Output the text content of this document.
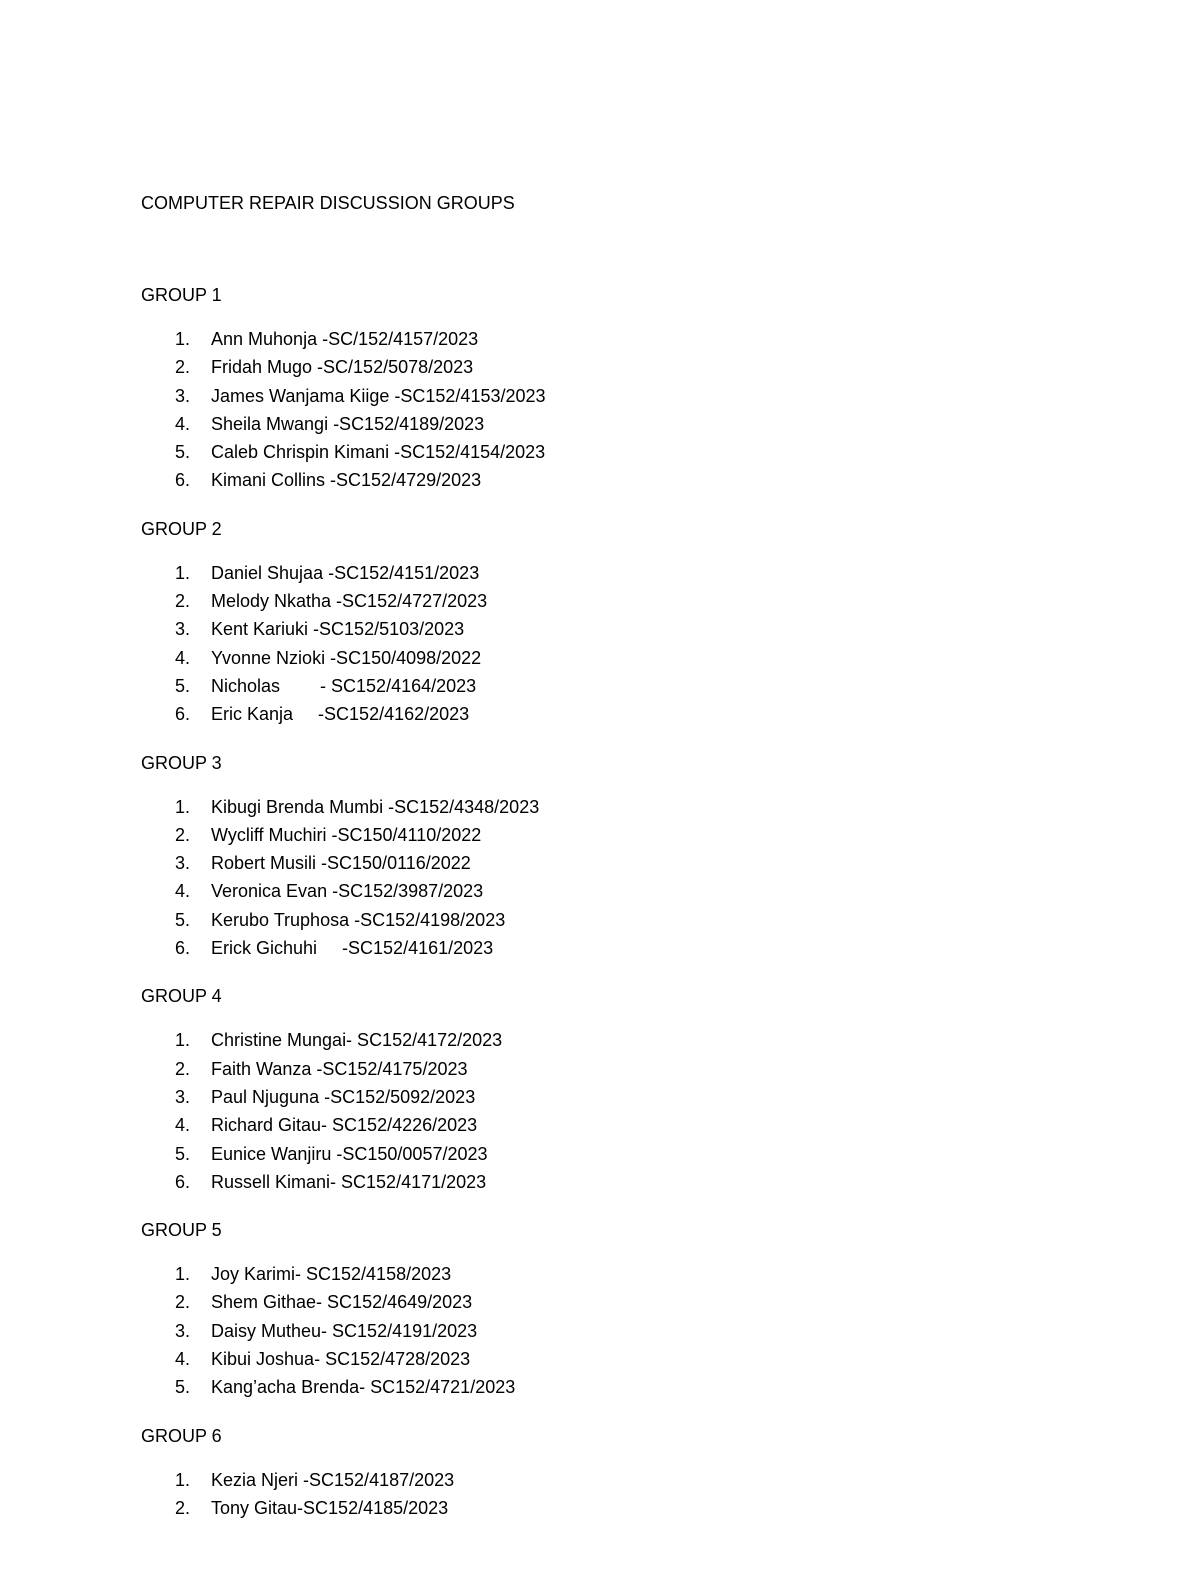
COMPUTER REPAIR DISCUSSION GROUPS

GROUP 1
1. Ann Muhonja -SC/152/4157/2023
2. Fridah Mugo -SC/152/5078/2023
3. James Wanjama Kiige -SC152/4153/2023
4. Sheila Mwangi -SC152/4189/2023
5. Caleb Chrispin Kimani -SC152/4154/2023
6. Kimani Collins -SC152/4729/2023
GROUP 2
1. Daniel Shujaa -SC152/4151/2023
2. Melody Nkatha -SC152/4727/2023
3. Kent Kariuki -SC152/5103/2023
4. Yvonne Nzioki -SC150/4098/2022
5. Nicholas        - SC152/4164/2023
6. Eric Kanja     -SC152/4162/2023
GROUP 3
1. Kibugi Brenda Mumbi -SC152/4348/2023
2. Wycliff Muchiri -SC150/4110/2022
3. Robert Musili -SC150/0116/2022
4. Veronica Evan -SC152/3987/2023
5. Kerubo Truphosa -SC152/4198/2023
6. Erick Gichuhi     -SC152/4161/2023
GROUP 4
1. Christine Mungai- SC152/4172/2023
2. Faith Wanza -SC152/4175/2023
3. Paul Njuguna -SC152/5092/2023
4. Richard Gitau- SC152/4226/2023
5. Eunice Wanjiru -SC150/0057/2023
6. Russell Kimani- SC152/4171/2023
GROUP 5
1. Joy Karimi- SC152/4158/2023
2. Shem Githae- SC152/4649/2023
3. Daisy Mutheu- SC152/4191/2023
4. Kibui Joshua- SC152/4728/2023
5. Kang’acha Brenda- SC152/4721/2023
GROUP 6
1. Kezia Njeri -SC152/4187/2023
2. Tony Gitau-SC152/4185/2023
